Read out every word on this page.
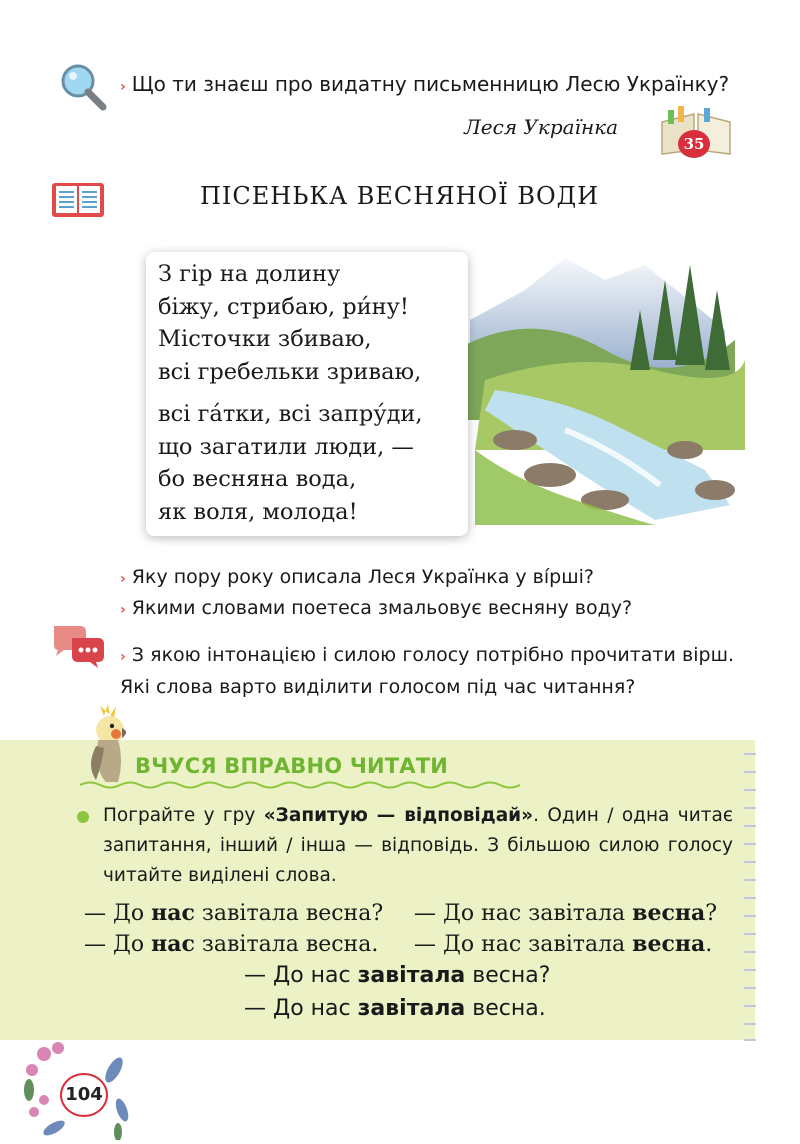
› Що ти знаєш про видатну письменницю Лесю Українку?
Леся Українка
35
ПІСЕНЬКА ВЕСНЯНОЇ ВОДИ
З гір на долину
біжу, стрибаю, ри́ну!
Місточки збиваю,
всі гребельки зриваю,
всі га́тки, всі запру́ди,
що загатили люди, —
бо весняна вода,
як воля, молода!
› Яку пору року описала Леся Українка у ві́рші?
› Якими словами поетеса змальовує весняну воду?
› З якою інтонацією і силою голосу потрібно прочитати вірш. Які слова варто виділити голосом під час читання?
ВЧУСЯ ВПРАВНО ЧИТАТИ
Пограйте у гру «Запитую — відповідай». Один / одна читає запитання, інший / інша — відповідь. З більшою силою голосу читайте виділені слова.
— До нас завітала весна? — До нас завітала весна?
— До нас завітала весна. — До нас завітала весна.
— До нас завітала весна?
— До нас завітала весна.
104
